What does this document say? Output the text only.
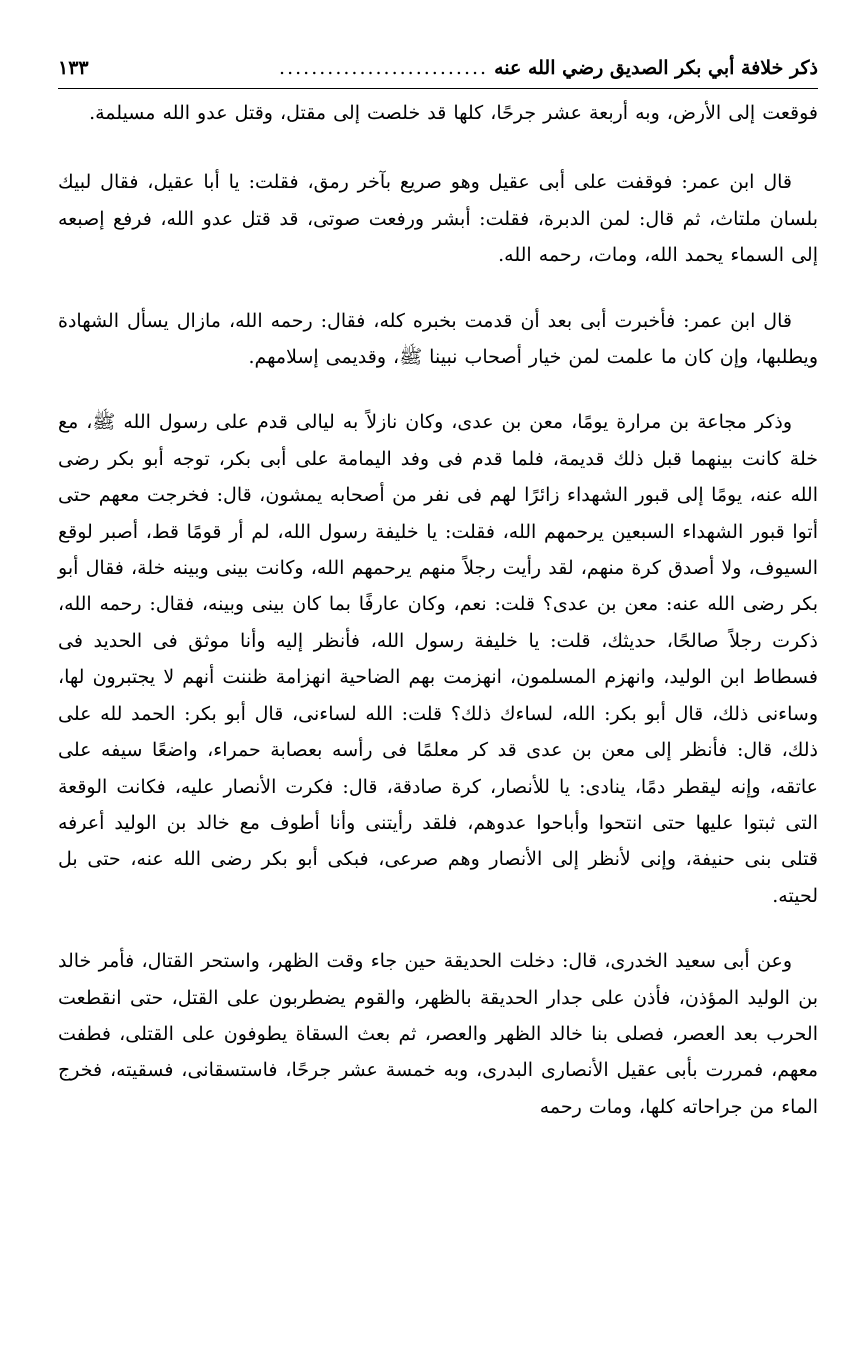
ذكر خلافة أبي بكر الصديق رضي الله عنه
..........................
١٣٣

فوقعت إلى الأرض، وبه أربعة عشر جرحًا، كلها قد خلصت إلى مقتل، وقتل عدو الله مسيلمة.

قال ابن عمر: فوقفت على أبى عقيل وهو صريع بآخر رمق، فقلت: يا أبا عقيل، فقال لبيك بلسان ملتاث، ثم قال: لمن الدبرة، فقلت: أبشر ورفعت صوتى، قد قتل عدو الله، فرفع إصبعه إلى السماء يحمد الله، ومات، رحمه الله.

قال ابن عمر: فأخبرت أبى بعد أن قدمت بخبره كله، فقال: رحمه الله، مازال يسأل الشهادة ويطلبها، وإن كان ما علمت لمن خيار أصحاب نبينا ﷺ، وقديمى إسلامهم.

وذكر مجاعة بن مرارة يومًا، معن بن عدى، وكان نازلاً به ليالى قدم على رسول الله ﷺ، مع خلة كانت بينهما قبل ذلك قديمة، فلما قدم فى وفد اليمامة على أبى بكر، توجه أبو بكر رضى الله عنه، يومًا إلى قبور الشهداء زائرًا لهم فى نفر من أصحابه يمشون، قال: فخرجت معهم حتى أتوا قبور الشهداء السبعين يرحمهم الله، فقلت: يا خليفة رسول الله، لم أر قومًا قط، أصبر لوقع السيوف، ولا أصدق كرة منهم، لقد رأيت رجلاً منهم يرحمهم الله، وكانت بينى وبينه خلة، فقال أبو بكر رضى الله عنه: معن بن عدى؟ قلت: نعم، وكان عارفًا بما كان بينى وبينه، فقال: رحمه الله، ذكرت رجلاً صالحًا، حديثك، قلت: يا خليفة رسول الله، فأنظر إليه وأنا موثق فى الحديد فى فسطاط ابن الوليد، وانهزم المسلمون، انهزمت بهم الضاحية انهزامة ظننت أنهم لا يجتبرون لها، وساءنى ذلك، قال أبو بكر: الله، لساءك ذلك؟ قلت: الله لساءنى، قال أبو بكر: الحمد لله على ذلك، قال: فأنظر إلى معن بن عدى قد كر معلمًا فى رأسه بعصابة حمراء، واضعًا سيفه على عاتقه، وإنه ليقطر دمًا، ينادى: يا للأنصار، كرة صادقة، قال: فكرت الأنصار عليه، فكانت الوقعة التى ثبتوا عليها حتى انتحوا وأباحوا عدوهم، فلقد رأيتنى وأنا أطوف مع خالد بن الوليد أعرفه قتلى بنى حنيفة، وإنى لأنظر إلى الأنصار وهم صرعى، فبكى أبو بكر رضى الله عنه، حتى بل لحيته.

وعن أبى سعيد الخدرى، قال: دخلت الحديقة حين جاء وقت الظهر، واستحر القتال، فأمر خالد بن الوليد المؤذن، فأذن على جدار الحديقة بالظهر، والقوم يضطربون على القتل، حتى انقطعت الحرب بعد العصر، فصلى بنا خالد الظهر والعصر، ثم بعث السقاة يطوفون على القتلى، فطفت معهم، فمررت بأبى عقيل الأنصارى البدرى، وبه خمسة عشر جرحًا، فاستسقانى، فسقيته، فخرج الماء من جراحاته كلها، ومات رحمه
